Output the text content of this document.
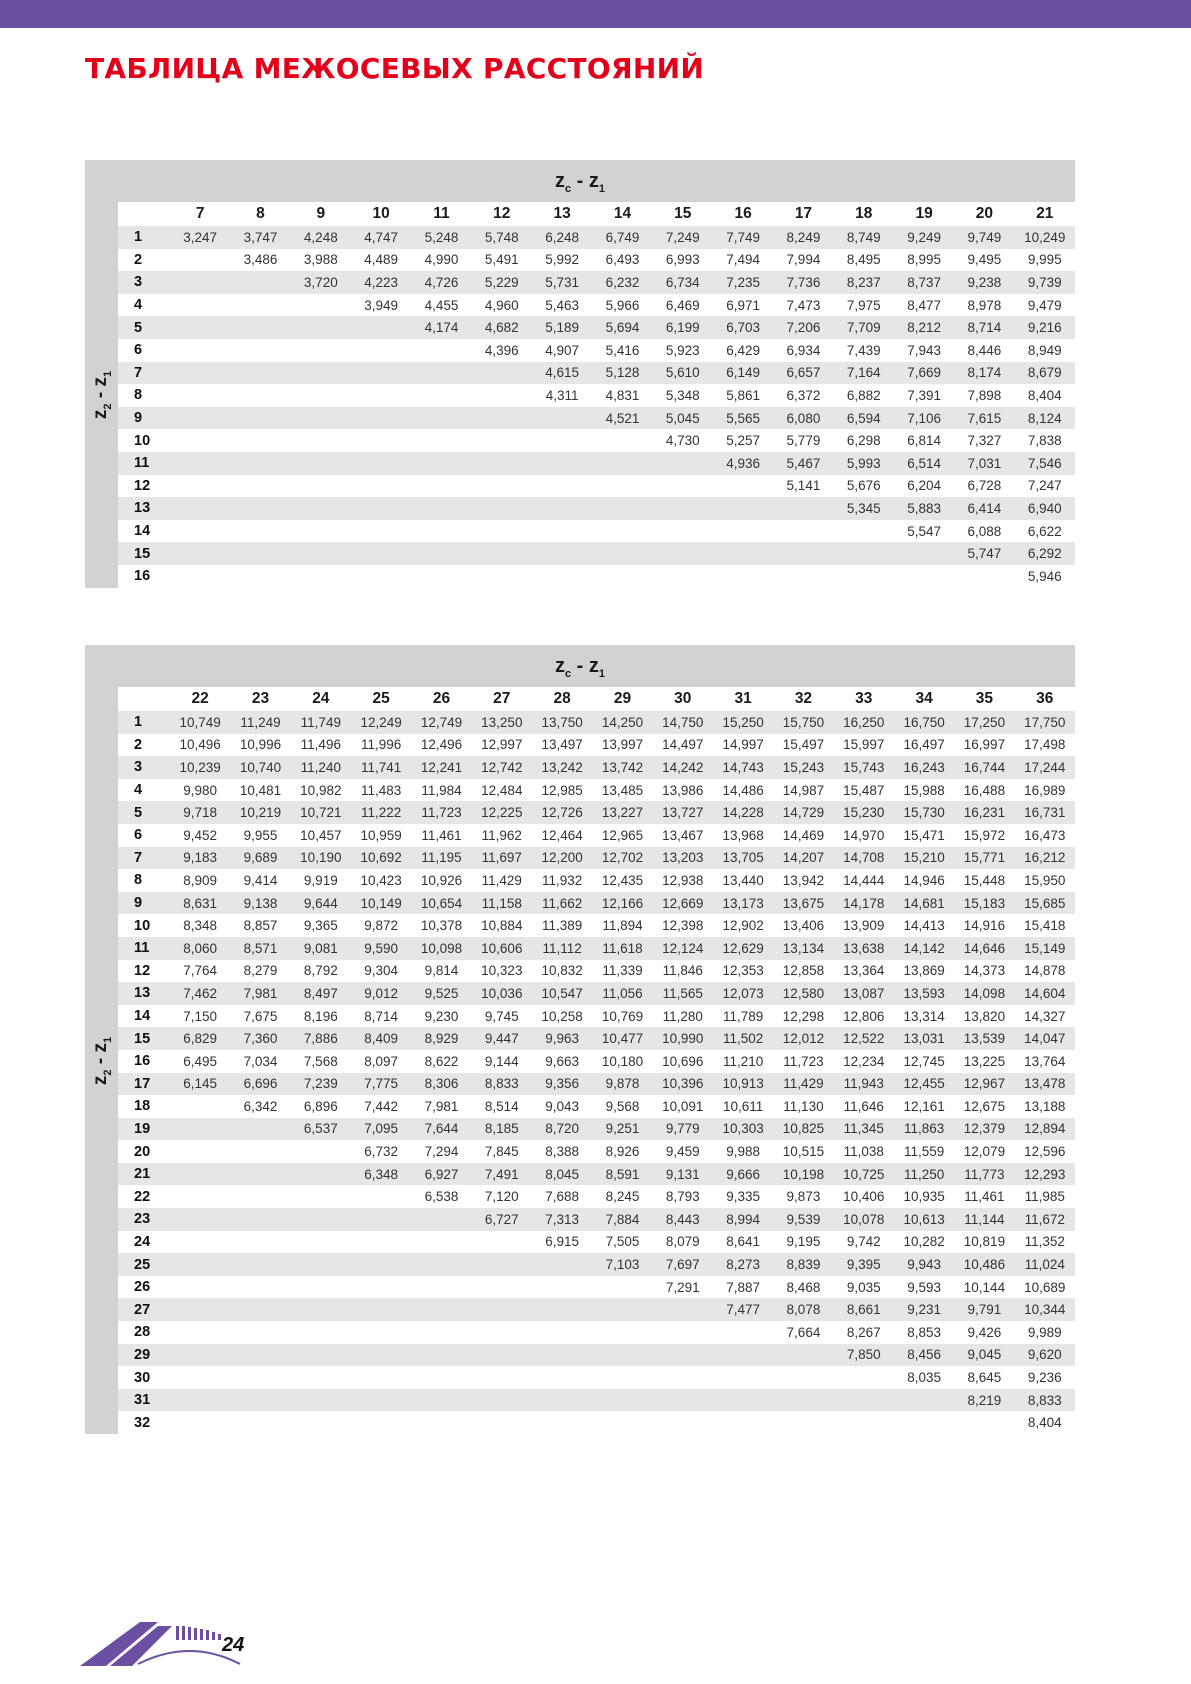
ТАБЛИЦА МЕЖОСЕВЫХ РАССТОЯНИЙ
$z_c - z_1$
$z_2 - z_1$
	7	8	9	10	11	12	13	14	15	16	17	18	19	20	21
1	3,247	3,747	4,248	4,747	5,248	5,748	6,248	6,749	7,249	7,749	8,249	8,749	9,249	9,749	10,249
2		3,486	3,988	4,489	4,990	5,491	5,992	6,493	6,993	7,494	7,994	8,495	8,995	9,495	9,995
3			3,720	4,223	4,726	5,229	5,731	6,232	6,734	7,235	7,736	8,237	8,737	9,238	9,739
4				3,949	4,455	4,960	5,463	5,966	6,469	6,971	7,473	7,975	8,477	8,978	9,479
5					4,174	4,682	5,189	5,694	6,199	6,703	7,206	7,709	8,212	8,714	9,216
6						4,396	4,907	5,416	5,923	6,429	6,934	7,439	7,943	8,446	8,949
7							4,615	5,128	5,610	6,149	6,657	7,164	7,669	8,174	8,679
8							4,311	4,831	5,348	5,861	6,372	6,882	7,391	7,898	8,404
9								4,521	5,045	5,565	6,080	6,594	7,106	7,615	8,124
10									4,730	5,257	5,779	6,298	6,814	7,327	7,838
11										4,936	5,467	5,993	6,514	7,031	7,546
12											5,141	5,676	6,204	6,728	7,247
13												5,345	5,883	6,414	6,940
14													5,547	6,088	6,622
15														5,747	6,292
16															5,946
$z_c - z_1$
$z_2 - z_1$
	22	23	24	25	26	27	28	29	30	31	32	33	34	35	36
1	10,749	11,249	11,749	12,249	12,749	13,250	13,750	14,250	14,750	15,250	15,750	16,250	16,750	17,250	17,750
2	10,496	10,996	11,496	11,996	12,496	12,997	13,497	13,997	14,497	14,997	15,497	15,997	16,497	16,997	17,498
3	10,239	10,740	11,240	11,741	12,241	12,742	13,242	13,742	14,242	14,743	15,243	15,743	16,243	16,744	17,244
4	9,980	10,481	10,982	11,483	11,984	12,484	12,985	13,485	13,986	14,486	14,987	15,487	15,988	16,488	16,989
5	9,718	10,219	10,721	11,222	11,723	12,225	12,726	13,227	13,727	14,228	14,729	15,230	15,730	16,231	16,731
6	9,452	9,955	10,457	10,959	11,461	11,962	12,464	12,965	13,467	13,968	14,469	14,970	15,471	15,972	16,473
7	9,183	9,689	10,190	10,692	11,195	11,697	12,200	12,702	13,203	13,705	14,207	14,708	15,210	15,771	16,212
8	8,909	9,414	9,919	10,423	10,926	11,429	11,932	12,435	12,938	13,440	13,942	14,444	14,946	15,448	15,950
9	8,631	9,138	9,644	10,149	10,654	11,158	11,662	12,166	12,669	13,173	13,675	14,178	14,681	15,183	15,685
10	8,348	8,857	9,365	9,872	10,378	10,884	11,389	11,894	12,398	12,902	13,406	13,909	14,413	14,916	15,418
11	8,060	8,571	9,081	9,590	10,098	10,606	11,112	11,618	12,124	12,629	13,134	13,638	14,142	14,646	15,149
12	7,764	8,279	8,792	9,304	9,814	10,323	10,832	11,339	11,846	12,353	12,858	13,364	13,869	14,373	14,878
13	7,462	7,981	8,497	9,012	9,525	10,036	10,547	11,056	11,565	12,073	12,580	13,087	13,593	14,098	14,604
14	7,150	7,675	8,196	8,714	9,230	9,745	10,258	10,769	11,280	11,789	12,298	12,806	13,314	13,820	14,327
15	6,829	7,360	7,886	8,409	8,929	9,447	9,963	10,477	10,990	11,502	12,012	12,522	13,031	13,539	14,047
16	6,495	7,034	7,568	8,097	8,622	9,144	9,663	10,180	10,696	11,210	11,723	12,234	12,745	13,225	13,764
17	6,145	6,696	7,239	7,775	8,306	8,833	9,356	9,878	10,396	10,913	11,429	11,943	12,455	12,967	13,478
18		6,342	6,896	7,442	7,981	8,514	9,043	9,568	10,091	10,611	11,130	11,646	12,161	12,675	13,188
19			6,537	7,095	7,644	8,185	8,720	9,251	9,779	10,303	10,825	11,345	11,863	12,379	12,894
20				6,732	7,294	7,845	8,388	8,926	9,459	9,988	10,515	11,038	11,559	12,079	12,596
21				6,348	6,927	7,491	8,045	8,591	9,131	9,666	10,198	10,725	11,250	11,773	12,293
22					6,538	7,120	7,688	8,245	8,793	9,335	9,873	10,406	10,935	11,461	11,985
23						6,727	7,313	7,884	8,443	8,994	9,539	10,078	10,613	11,144	11,672
24							6,915	7,505	8,079	8,641	9,195	9,742	10,282	10,819	11,352
25								7,103	7,697	8,273	8,839	9,395	9,943	10,486	11,024
26									7,291	7,887	8,468	9,035	9,593	10,144	10,689
27										7,477	8,078	8,661	9,231	9,791	10,344
28											7,664	8,267	8,853	9,426	9,989
29												7,850	8,456	9,045	9,620
30													8,035	8,645	9,236
31														8,219	8,833
32															8,404
24
